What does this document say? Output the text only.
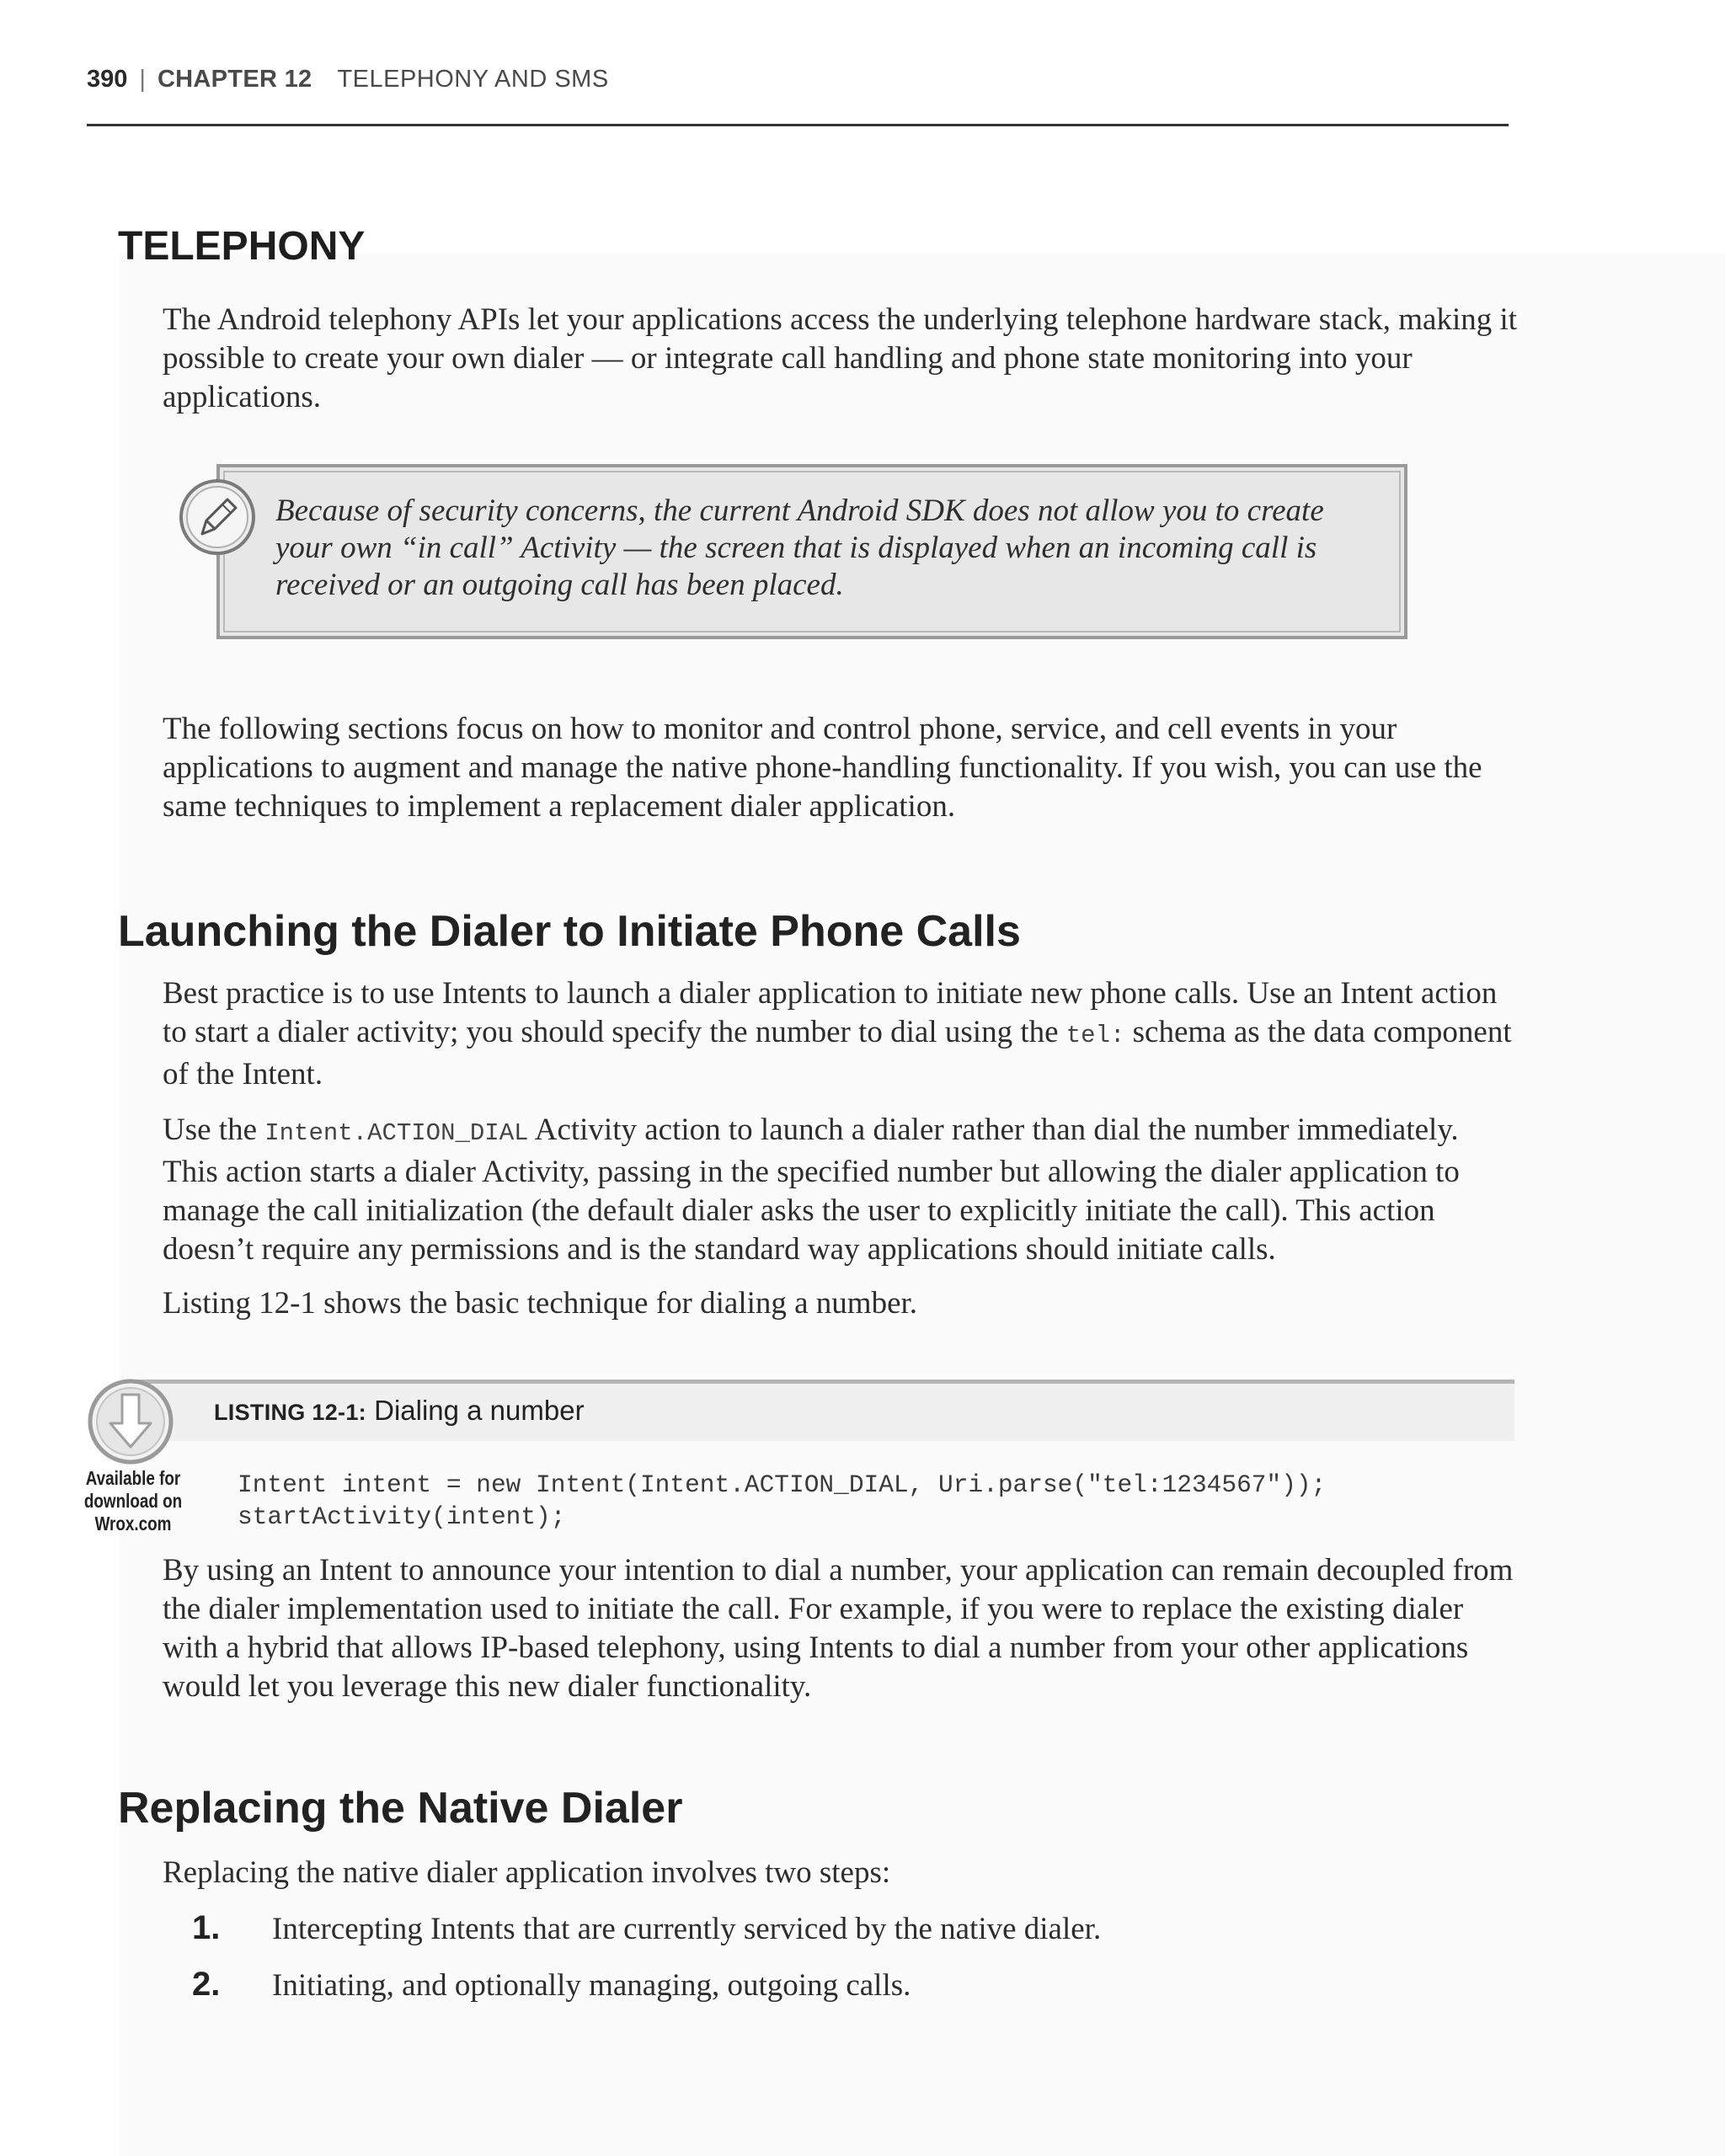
390 | CHAPTER 12 TELEPHONY AND SMS
TELEPHONY

The Android telephony APIs let your applications access the underlying telephone hardware stack, making it possible to create your own dialer — or integrate call handling and phone state monitoring into your applications.

Because of security concerns, the current Android SDK does not allow you to create your own “in call” Activity — the screen that is displayed when an incoming call is received or an outgoing call has been placed.

The following sections focus on how to monitor and control phone, service, and cell events in your applications to augment and manage the native phone-handling functionality. If you wish, you can use the same techniques to implement a replacement dialer application.

Launching the Dialer to Initiate Phone Calls

Best practice is to use Intents to launch a dialer application to initiate new phone calls. Use an Intent action to start a dialer activity; you should specify the number to dial using the tel: schema as the data component of the Intent.

Use the Intent.ACTION_DIAL Activity action to launch a dialer rather than dial the number immediately. This action starts a dialer Activity, passing in the specified number but allowing the dialer application to manage the call initialization (the default dialer asks the user to explicitly initiate the call). This action doesn’t require any permissions and is the standard way applications should initiate calls.

Listing 12-1 shows the basic technique for dialing a number.

Available for download on Wrox.com
LISTING 12-1: Dialing a number
Intent intent = new Intent(Intent.ACTION_DIAL, Uri.parse("tel:1234567"));
startActivity(intent);

By using an Intent to announce your intention to dial a number, your application can remain decoupled from the dialer implementation used to initiate the call. For example, if you were to replace the existing dialer with a hybrid that allows IP-based telephony, using Intents to dial a number from your other applications would let you leverage this new dialer functionality.

Replacing the Native Dialer

Replacing the native dialer application involves two steps:

1.	Intercepting Intents that are currently serviced by the native dialer.
2.	Initiating, and optionally managing, outgoing calls.
